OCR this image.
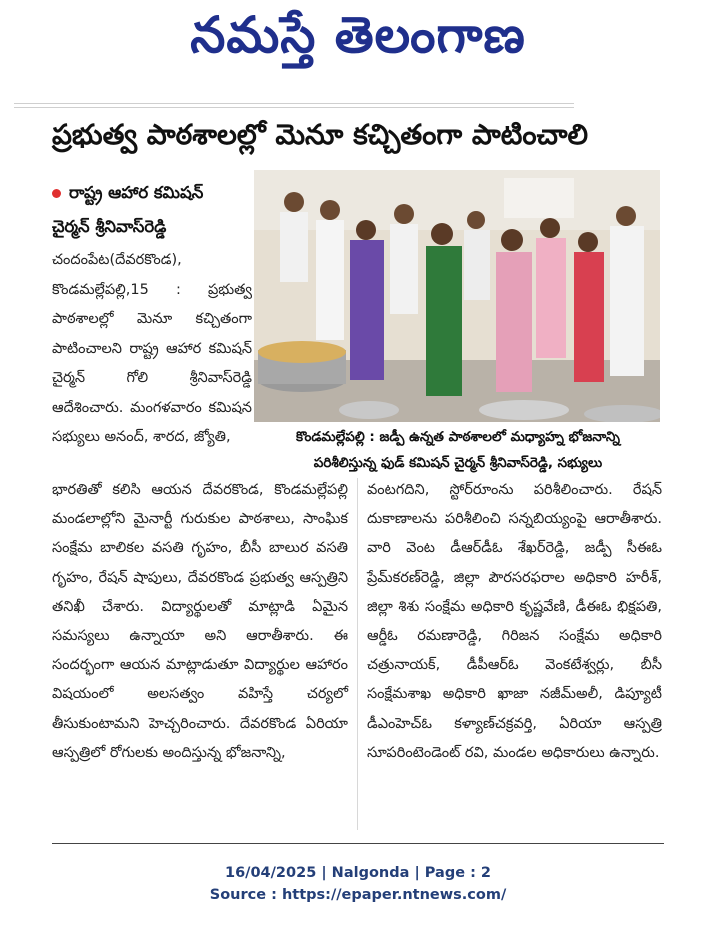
నమస్తే తెలంగాణ
ప్రభుత్వ పాఠశాలల్లో మెనూ కచ్చితంగా పాటించాలి
రాష్ట్ర ఆహార కమిషన్
చైర్మన్ శ్రీనివాస్‌రెడ్డి
చందంపేట(దేవరకొండ), కొండమల్లేపల్లి,15 : ప్రభుత్వ పాఠశాలల్లో మెనూ కచ్చితంగా పాటించాలని రాష్ట్ర ఆహార కమిషన్ చైర్మన్ గోలి శ్రీనివాస్‌రెడ్డి ఆదేశించారు. మంగళవారం కమిషన సభ్యులు అనంద్, శారద, జ్యోతి,	కొండమల్లేపల్లి : జడ్పీ ఉన్నత పాఠశాలలో మధ్యాహ్న భోజనాన్ని
పరిశీలిస్తున్న ఫుడ్ కమిషన్ చైర్మన్ శ్రీనివాస్‌రెడ్డి, సభ్యులు
భారతితో కలిసి ఆయన దేవరకొండ, కొండమల్లేపల్లి మండలాల్లోని మైనార్టీ గురుకుల పాఠశాలు, సాంఘిక సంక్షేమ బాలికల వసతి గృహం, బీసీ బాలుర వసతి గృహం, రేషన్ షాపులు, దేవరకొండ ప్రభుత్వ ఆస్పత్రిని తనిఖీ చేశారు. విద్యార్థులతో మాట్లాడి ఏమైన సమస్యలు ఉన్నాయా అని ఆరాతీశారు. ఈ సందర్భంగా ఆయన మాట్లాడుతూ విద్యార్థుల ఆహారం విషయంలో అలసత్వం వహిస్తే చర్యలో తీసుకుంటామని హెచ్చరించారు. దేవరకొండ ఏరియా ఆస్పత్రిలో రోగులకు అందిస్తున్న భోజనాన్ని,
వంటగదిని, స్టోర్‌రూంను పరిశీలించారు. రేషన్ దుకాణాలను పరిశీలించి సన్నబియ్యంపై ఆరాతీశారు. వారి వెంట డీఆర్‌డీఓ శేఖర్‌రెడ్డి, జడ్పీ సీఈఓ ప్రేమ్‌కరణ్‌రెడ్డి, జిల్లా పౌరసరఫరాల అధికారి హరీశ్, జిల్లా శిశు సంక్షేమ అధికారి కృష్ణవేణి, డీఈఓ భిక్షపతి, ఆర్డీఓ రమణారెడ్డి, గిరిజన సంక్షేమ అధికారి చత్రునాయక్, డీపీఆర్‌ఓ వెంకటేశ్వర్లు, బీసీ సంక్షేమశాఖ అధికారి ఖాజా నజీమ్‌అలీ, డిప్యూటీ డీఎంహెచ్‌ఓ కళ్యాణ్‌చక్రవర్తి, ఏరియా ఆస్పత్రి సూపరింటెండెంట్ రవి, మండల అధికారులు ఉన్నారు.
16/04/2025 | Nalgonda | Page : 2
Source : https://epaper.ntnews.com/
